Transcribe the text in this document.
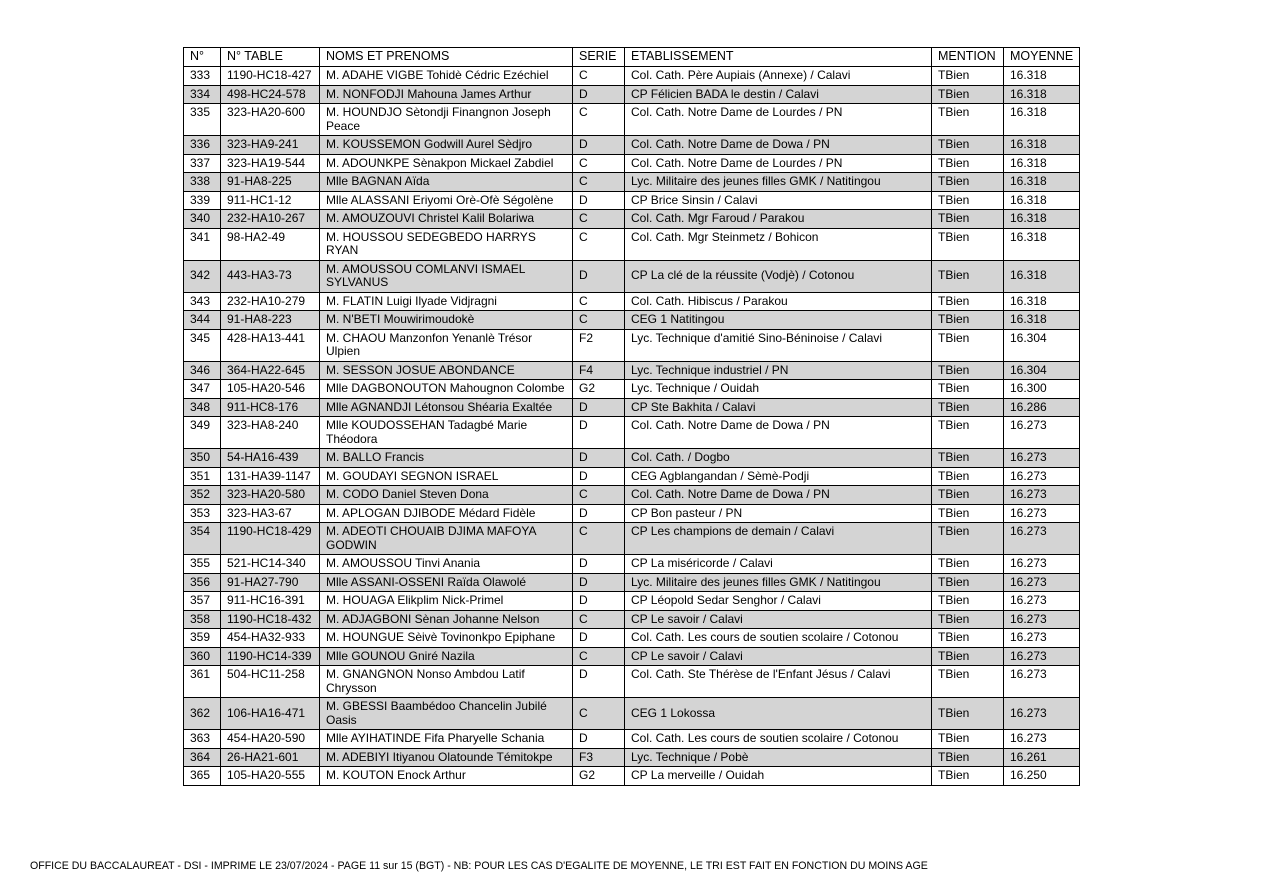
N°	N° TABLE	NOMS ET PRENOMS	SERIE	ETABLISSEMENT	MENTION	MOYENNE
333	1190-HC18-427	M. ADAHE VIGBE Tohidè Cédric Ezéchiel	C	Col. Cath. Père Aupiais (Annexe) / Calavi	TBien	16.318
334	498-HC24-578	M. NONFODJI Mahouna James Arthur	D	CP Félicien BADA le destin / Calavi	TBien	16.318
335	323-HA20-600	M. HOUNDJO Sètondji Finangnon Joseph Peace	C	Col. Cath. Notre Dame de Lourdes / PN	TBien	16.318
336	323-HA9-241	M. KOUSSEMON Godwill Aurel Sèdjro	D	Col. Cath. Notre Dame de Dowa / PN	TBien	16.318
337	323-HA19-544	M. ADOUNKPE Sènakpon Mickael Zabdiel	C	Col. Cath. Notre Dame de Lourdes / PN	TBien	16.318
338	91-HA8-225	Mlle BAGNAN Aïda	C	Lyc. Militaire des jeunes filles GMK / Natitingou	TBien	16.318
339	911-HC1-12	Mlle ALASSANI Eriyomi Orè-Ofè Ségolène	D	CP Brice Sinsin / Calavi	TBien	16.318
340	232-HA10-267	M. AMOUZOUVI Christel Kalil Bolariwa	C	Col. Cath. Mgr Faroud / Parakou	TBien	16.318
341	98-HA2-49	M. HOUSSOU SEDEGBEDO HARRYS RYAN	C	Col. Cath. Mgr Steinmetz / Bohicon	TBien	16.318
342	443-HA3-73	M. AMOUSSOU COMLANVI ISMAEL SYLVANUS	D	CP La clé de la réussite (Vodjè) / Cotonou	TBien	16.318
343	232-HA10-279	M. FLATIN Luigi Ilyade Vidjragni	C	Col. Cath. Hibiscus / Parakou	TBien	16.318
344	91-HA8-223	M. N'BETI Mouwirimoudokè	C	CEG 1 Natitingou	TBien	16.318
345	428-HA13-441	M. CHAOU Manzonfon Yenanlè Trésor Ulpien	F2	Lyc. Technique d'amitié Sino-Béninoise / Calavi	TBien	16.304
346	364-HA22-645	M. SESSON JOSUE ABONDANCE	F4	Lyc. Technique industriel / PN	TBien	16.304
347	105-HA20-546	Mlle DAGBONOUTON Mahougnon Colombe	G2	Lyc. Technique / Ouidah	TBien	16.300
348	911-HC8-176	Mlle AGNANDJI Létonsou Shéaria Exaltée	D	CP Ste Bakhita / Calavi	TBien	16.286
349	323-HA8-240	Mlle KOUDOSSEHAN Tadagbé Marie Théodora	D	Col. Cath. Notre Dame de Dowa / PN	TBien	16.273
350	54-HA16-439	M. BALLO Francis	D	Col. Cath. / Dogbo	TBien	16.273
351	131-HA39-1147	M. GOUDAYI SEGNON ISRAEL	D	CEG Agblangandan / Sèmè-Podji	TBien	16.273
352	323-HA20-580	M. CODO Daniel Steven Dona	C	Col. Cath. Notre Dame de Dowa / PN	TBien	16.273
353	323-HA3-67	M. APLOGAN DJIBODE Médard Fidèle	D	CP Bon pasteur / PN	TBien	16.273
354	1190-HC18-429	M. ADEOTI CHOUAIB DJIMA MAFOYA GODWIN	C	CP Les champions de demain / Calavi	TBien	16.273
355	521-HC14-340	M. AMOUSSOU Tinvi Anania	D	CP La miséricorde / Calavi	TBien	16.273
356	91-HA27-790	Mlle ASSANI-OSSENI Raïda Olawolé	D	Lyc. Militaire des jeunes filles GMK / Natitingou	TBien	16.273
357	911-HC16-391	M. HOUAGA Elikplim Nick-Primel	D	CP Léopold Sedar Senghor / Calavi	TBien	16.273
358	1190-HC18-432	M. ADJAGBONI Sènan Johanne Nelson	C	CP Le savoir / Calavi	TBien	16.273
359	454-HA32-933	M. HOUNGUE Sèivè Tovinonkpo Epiphane	D	Col. Cath. Les cours de soutien scolaire / Cotonou	TBien	16.273
360	1190-HC14-339	Mlle GOUNOU Gniré Nazila	C	CP Le savoir / Calavi	TBien	16.273
361	504-HC11-258	M. GNANGNON Nonso Ambdou Latif Chrysson	D	Col. Cath. Ste Thérèse de l'Enfant Jésus / Calavi	TBien	16.273
362	106-HA16-471	M. GBESSI Baambédoo Chancelin Jubilé Oasis	C	CEG 1 Lokossa	TBien	16.273
363	454-HA20-590	Mlle AYIHATINDE Fifa Pharyelle Schania	D	Col. Cath. Les cours de soutien scolaire / Cotonou	TBien	16.273
364	26-HA21-601	M. ADEBIYI Itiyanou Olatounde Témitokpe	F3	Lyc. Technique / Pobè	TBien	16.261
365	105-HA20-555	M. KOUTON Enock Arthur	G2	CP La merveille / Ouidah	TBien	16.250
OFFICE DU BACCALAUREAT - DSI - IMPRIME LE 23/07/2024 - PAGE 11 sur 15 (BGT) - NB: POUR LES CAS D'EGALITE DE MOYENNE, LE TRI EST FAIT EN FONCTION DU MOINS AGE
